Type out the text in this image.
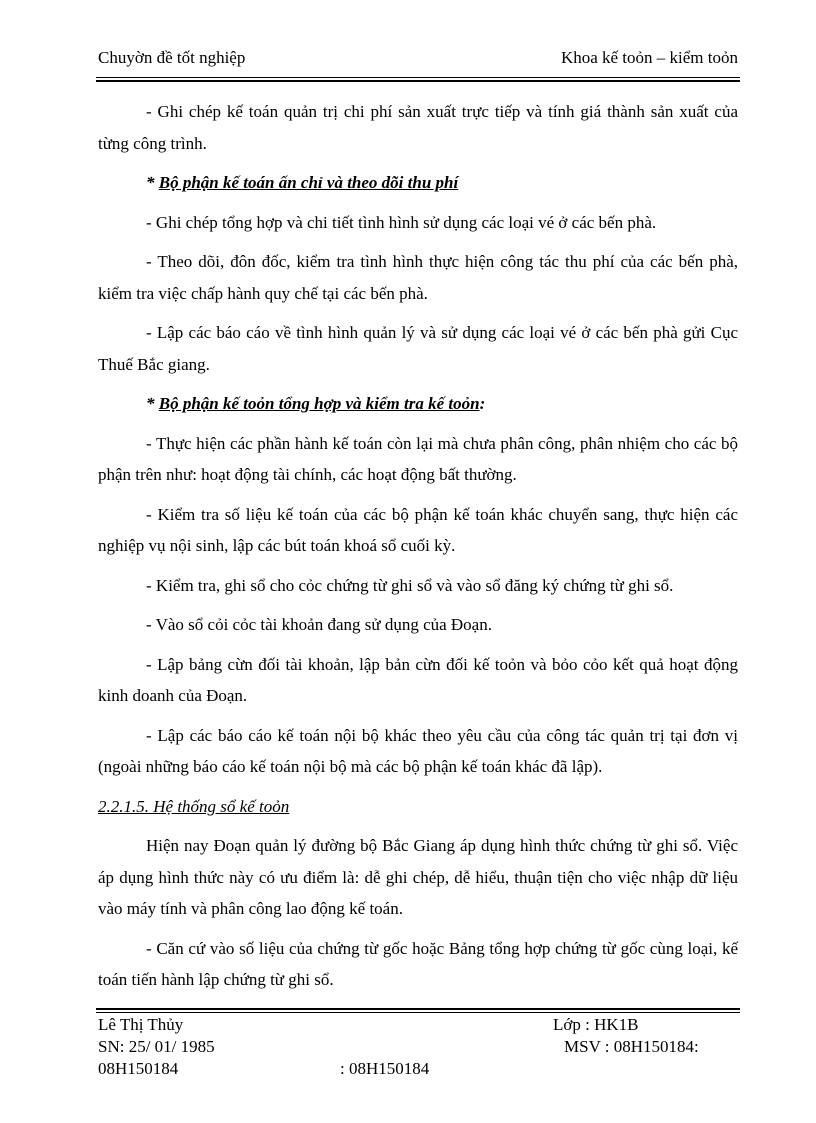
Chuyờn đề tốt nghiệp	Khoa kế toỏn – kiểm toỏn

- Ghi chép kế toán quản trị chi phí sản xuất trực tiếp và tính giá thành sản xuất của từng công trình.

* Bộ phận kế toán ấn chỉ và theo dõi thu phí

- Ghi chép tổng hợp và chi tiết tình hình sử dụng các loại vé ở các bến phà.

- Theo dõi, đôn đốc, kiểm tra tình hình thực hiện công tác thu phí của các bến phà, kiểm tra việc chấp hành quy chế tại các bến phà.

- Lập các báo cáo về tình hình quản lý và sử dụng các loại vé ở các bến phà gửi Cục Thuế Bắc giang.

* Bộ phận kế toỏn tổng hợp và kiểm tra kế toỏn:

- Thực hiện các phần hành kế toán còn lại mà chưa phân công, phân nhiệm cho các bộ phận trên như: hoạt động tài chính, các hoạt động bất thường.

- Kiểm tra số liệu kế toán của các bộ phận kế toán khác chuyển sang, thực hiện các nghiệp vụ nội sinh, lập các bút toán khoá sổ cuối kỳ.

- Kiểm tra, ghi sổ cho cỏc chứng từ ghi sổ và vào sổ đăng ký chứng từ ghi sổ.

- Vào sổ cỏi cỏc tài khoản đang sử dụng của Đoạn.

- Lập bảng cừn đối tài khoản, lập bản cừn đối kế toỏn và bỏo cỏo kết quả hoạt động kinh doanh của Đoạn.

- Lập các báo cáo kế toán nội bộ khác theo yêu cầu của công tác quản trị tại đơn vị (ngoài những báo cáo kế toán nội bộ mà các bộ phận kế toán khác đã lập).

2.2.1.5. Hệ thống sổ kế toỏn

Hiện nay Đoạn quản lý đường bộ Bắc Giang áp dụng hình thức chứng từ ghi sổ. Việc áp dụng hình thức này có ưu điểm là: dễ ghi chép, dễ hiểu, thuận tiện cho việc nhập dữ liệu vào máy tính và phân công lao động kế toán.

- Căn cứ vào số liệu của chứng từ gốc hoặc Bảng tổng hợp chứng từ gốc cùng loại, kế toán tiến hành lập chứng từ ghi sổ.

Lê Thị Thủy	Lớp : HK1B
SN: 25/ 01/ 1985	MSV : 08H150184:
08H150184	: 08H150184
